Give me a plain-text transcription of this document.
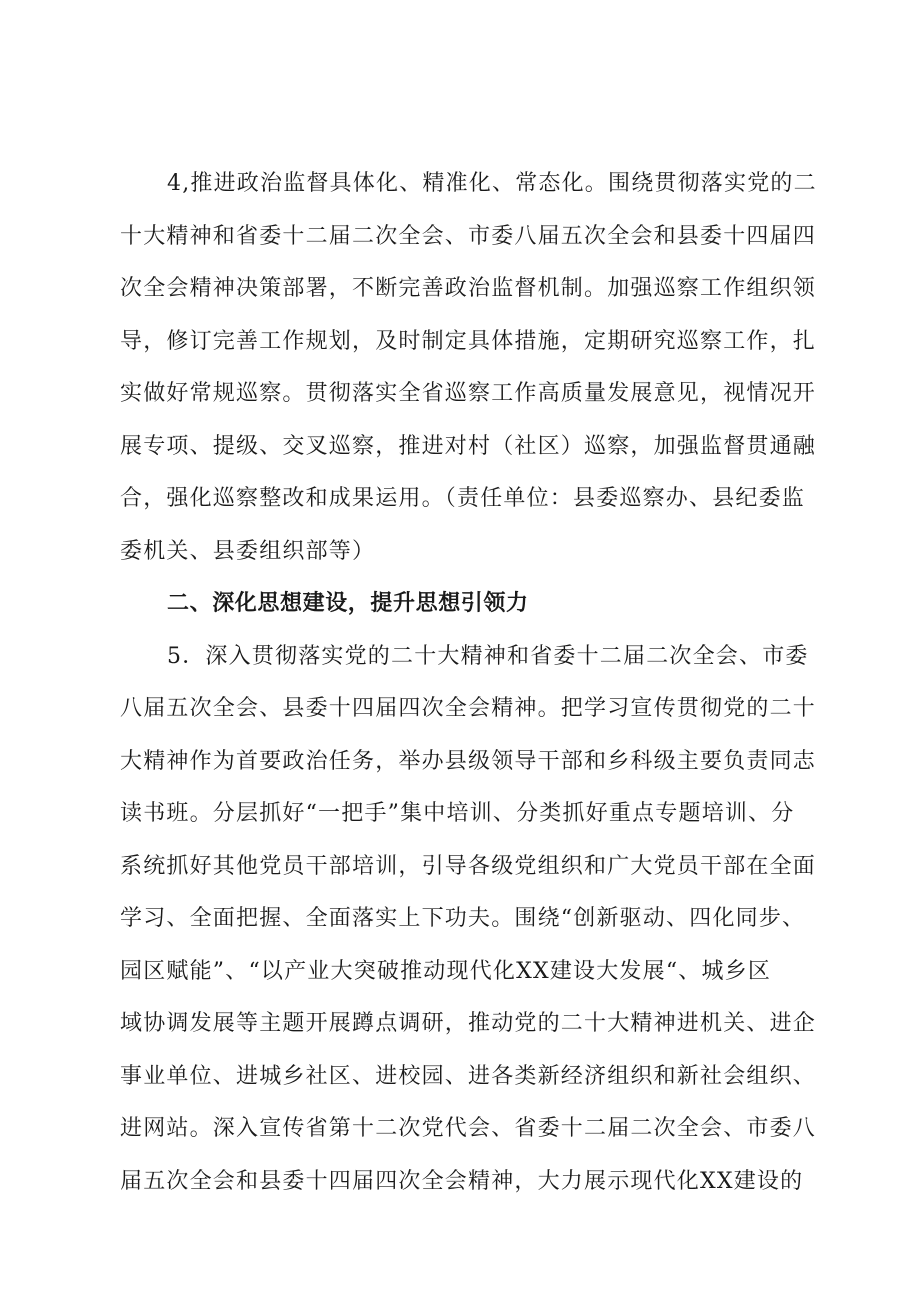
4,推进政治监督具体化、精准化、常态化。围绕贯彻落实党的二
十大精神和省委十二届二次全会、市委八届五次全会和县委十四届四
次全会精神决策部署，不断完善政治监督机制。加强巡察工作组织领
导，修订完善工作规划，及时制定具体措施，定期研究巡察工作，扎
实做好常规巡察。贯彻落实全省巡察工作高质量发展意见，视情况开
展专项、提级、交叉巡察，推进对村（社区）巡察，加强监督贯通融
合，强化巡察整改和成果运用。（责任单位：县委巡察办、县纪委监
委机关、县委组织部等）
二、深化思想建设，提升思想引领力
5．深入贯彻落实党的二十大精神和省委十二届二次全会、市委
八届五次全会、县委十四届四次全会精神。把学习宣传贯彻党的二十
大精神作为首要政治任务，举办县级领导干部和乡科级主要负责同志
读书班。分层抓好“一把手”集中培训、分类抓好重点专题培训、分
系统抓好其他党员干部培训，引导各级党组织和广大党员干部在全面
学习、全面把握、全面落实上下功夫。围绕“创新驱动、四化同步、
园区赋能”、“以产业大突破推动现代化XX建设大发展“、城乡区
域协调发展等主题开展蹲点调研，推动党的二十大精神进机关、进企
事业单位、进城乡社区、进校园、进各类新经济组织和新社会组织、
进网站。深入宣传省第十二次党代会、省委十二届二次全会、市委八
届五次全会和县委十四届四次全会精神，大力展示现代化XX建设的
